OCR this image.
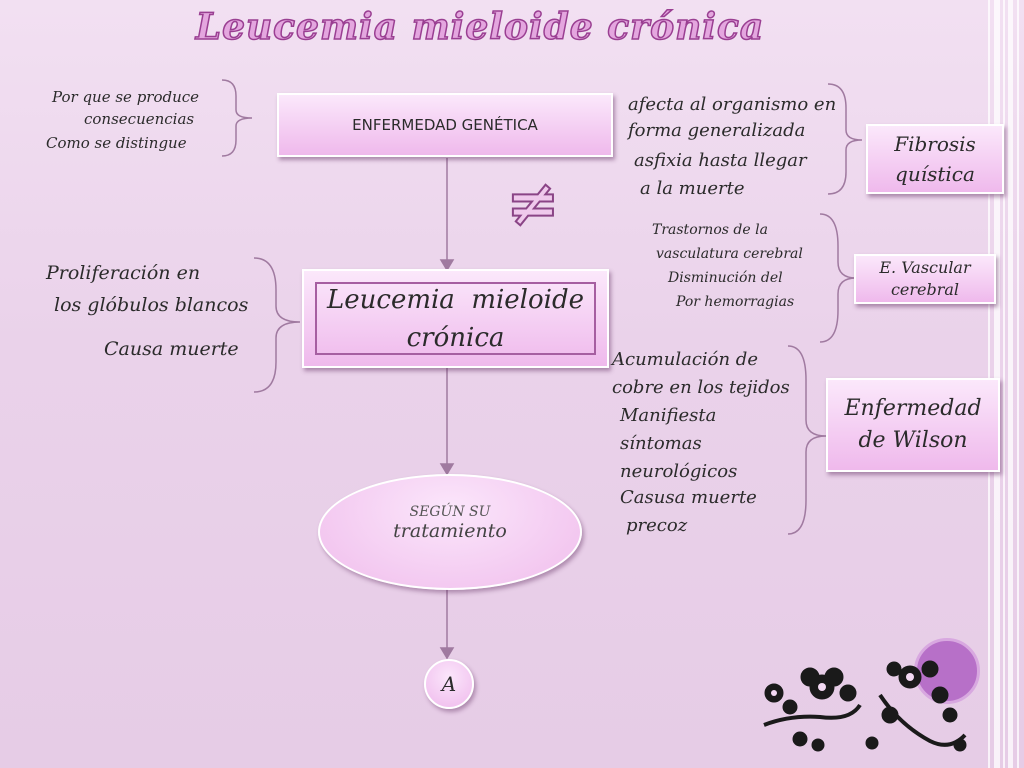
Leucemia mieloide crónica
Por que se produce
consecuencias
Como se distingue
ENFERMEDAD GENÉTICA
≠
Proliferación en
los glóbulos blancos
Causa muerte
Leucemia  mieloide
crónica
SEGÚN SU
tratamiento
A
afecta al organismo en
forma generalizada
asfixia hasta llegar
a la muerte
Fibrosis
quística
Trastornos de la
vasculatura cerebral
Disminución del
Por hemorragias
E. Vascular
cerebral
Acumulación de
cobre en los tejidos
Manifiesta
síntomas
neurológicos
Casusa muerte
precoz
Enfermedad
de Wilson
